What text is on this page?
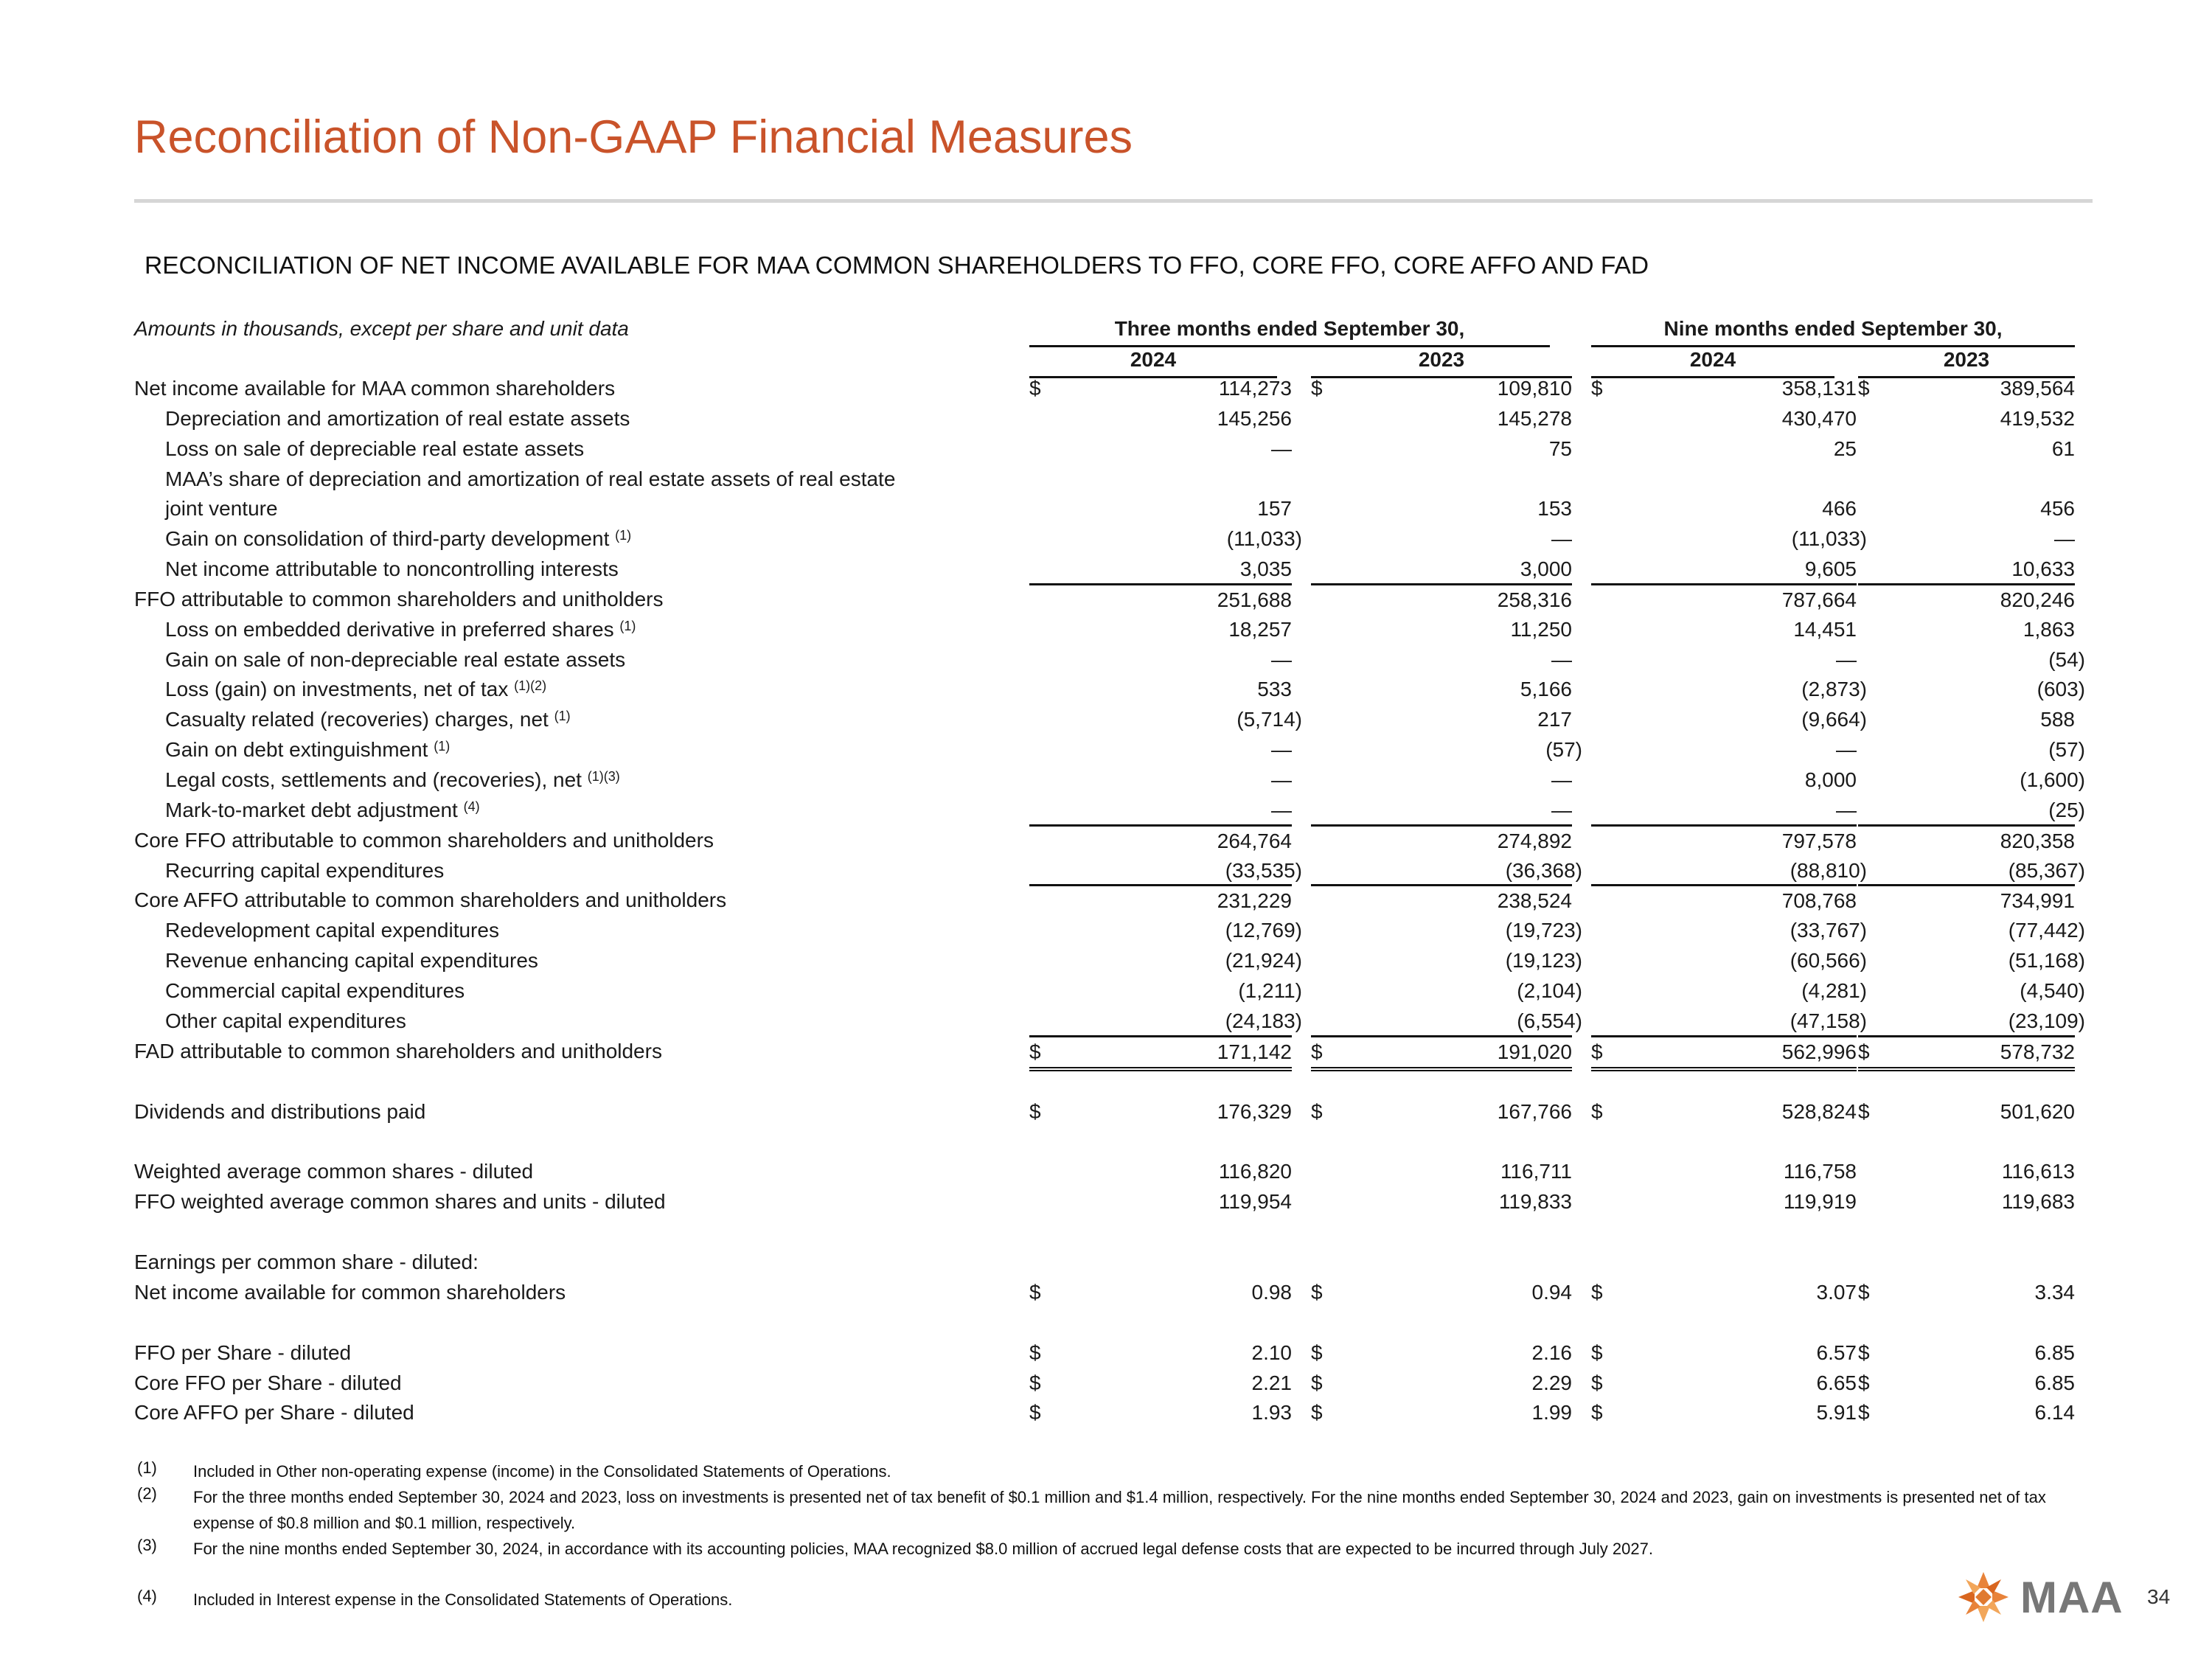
Reconciliation of Non-GAAP Financial Measures
RECONCILIATION OF NET INCOME AVAILABLE FOR MAA COMMON SHAREHOLDERS TO FFO, CORE FFO, CORE AFFO AND FAD
Amounts in thousands, except per share and unit data	Three months ended September 30,	Nine months ended September 30,
2024	2023	2024	2023
Net income available for MAA common shareholders	$	114,273 $	109,810 $	358,131 $	389,564
Depreciation and amortization of real estate assets	145,256	145,278	430,470	419,532
Loss on sale of depreciable real estate assets	—	75	25	61
MAA’s share of depreciation and amortization of real estate assets of real estate
joint venture	157	153	466	456
Gain on consolidation of third-party development $^{(1)}$	(11,033)	—	(11,033)	—
Net income attributable to noncontrolling interests	3,035	3,000	9,605	10,633
FFO attributable to common shareholders and unitholders	251,688	258,316	787,664	820,246
Loss on embedded derivative in preferred shares $^{(1)}$	18,257	11,250	14,451	1,863
Gain on sale of non-depreciable real estate assets	—	—	—	(54)
Loss (gain) on investments, net of tax $^{(1)(2)}$	533	5,166	(2,873)	(603)
Casualty related (recoveries) charges, net $^{(1)}$	(5,714)	217	(9,664)	588
Gain on debt extinguishment $^{(1)}$	—	(57)	—	(57)
Legal costs, settlements and (recoveries), net $^{(1)(3)}$	—	—	8,000	(1,600)
Mark-to-market debt adjustment $^{(4)}$	—	—	—	(25)
Core FFO attributable to common shareholders and unitholders	264,764	274,892	797,578	820,358
Recurring capital expenditures	(33,535)	(36,368)	(88,810)	(85,367)
Core AFFO attributable to common shareholders and unitholders	231,229	238,524	708,768	734,991
Redevelopment capital expenditures	(12,769)	(19,723)	(33,767)	(77,442)
Revenue enhancing capital expenditures	(21,924)	(19,123)	(60,566)	(51,168)
Commercial capital expenditures	(1,211)	(2,104)	(4,281)	(4,540)
Other capital expenditures	(24,183)	(6,554)	(47,158)	(23,109)
FAD attributable to common shareholders and unitholders	$	171,142 $	191,020 $	562,996 $	578,732
Dividends and distributions paid	$	176,329 $	167,766 $	528,824 $	501,620
Weighted average common shares - diluted	116,820	116,711	116,758	116,613
FFO weighted average common shares and units - diluted	119,954	119,833	119,919	119,683
Earnings per common share - diluted:
Net income available for common shareholders	$	0.98 $	0.94 $	3.07 $	3.34
FFO per Share - diluted	$	2.10 $	2.16 $	6.57 $	6.85
Core FFO per Share - diluted	$	2.21 $	2.29 $	6.65 $	6.85
Core AFFO per Share - diluted	$	1.93 $	1.99 $	5.91 $	6.14
(1) Included in Other non-operating expense (income) in the Consolidated Statements of Operations.
(2) For the three months ended September 30, 2024 and 2023, loss on investments is presented net of tax benefit of $0.1 million and $1.4 million, respectively. For the nine months ended September 30, 2024 and 2023, gain on investments is presented net of tax expense of $0.8 million and $0.1 million, respectively.
(3) For the nine months ended September 30, 2024, in accordance with its accounting policies, MAA recognized $8.0 million of accrued legal defense costs that are expected to be incurred through July 2027.
(4) Included in Interest expense in the Consolidated Statements of Operations.	MAA 34
